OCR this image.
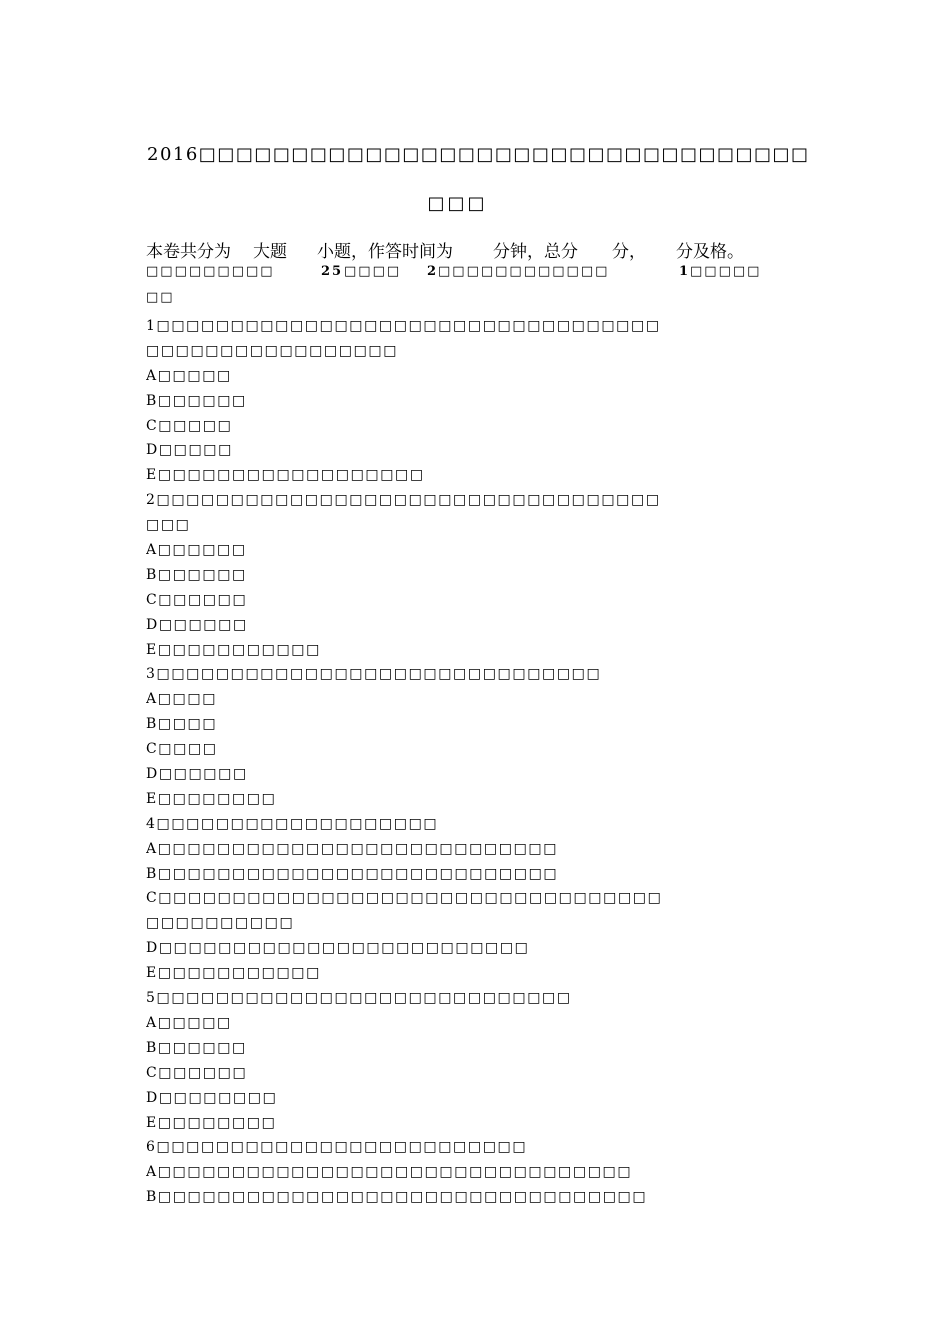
2016□□□□□□□□□□□□□□□□□□□□□□□□□□□□□□□□□
□□□
本卷共分为 大题 小题，作答时间为 分钟，总分 分， 分及格。
□□□□□□□□□	25 □□□□ 2 □□□□□□□□□□□□	1 □□□□□
□□
1□□□□□□□□□□□□□□□□□□□□□□□□□□□□□□□□□□
□□□□□□□□□□□□□□□□□
A□□□□□
B□□□□□□
C□□□□□
D□□□□□
E□□□□□□□□□□□□□□□□□□
2□□□□□□□□□□□□□□□□□□□□□□□□□□□□□□□□□□
□□□
A□□□□□□
B□□□□□□
C□□□□□□
D□□□□□□
E□□□□□□□□□□□
3□□□□□□□□□□□□□□□□□□□□□□□□□□□□□□
A□□□□
B□□□□
C□□□□
D□□□□□□
E□□□□□□□□
4□□□□□□□□□□□□□□□□□□□
A□□□□□□□□□□□□□□□□□□□□□□□□□□□
B□□□□□□□□□□□□□□□□□□□□□□□□□□□
C□□□□□□□□□□□□□□□□□□□□□□□□□□□□□□□□□□
□□□□□□□□□□
D□□□□□□□□□□□□□□□□□□□□□□□□□
E□□□□□□□□□□□
5□□□□□□□□□□□□□□□□□□□□□□□□□□□□
A□□□□□
B□□□□□□
C□□□□□□
D□□□□□□□□
E□□□□□□□□
6□□□□□□□□□□□□□□□□□□□□□□□□□
A□□□□□□□□□□□□□□□□□□□□□□□□□□□□□□□□
B□□□□□□□□□□□□□□□□□□□□□□□□□□□□□□□□□
